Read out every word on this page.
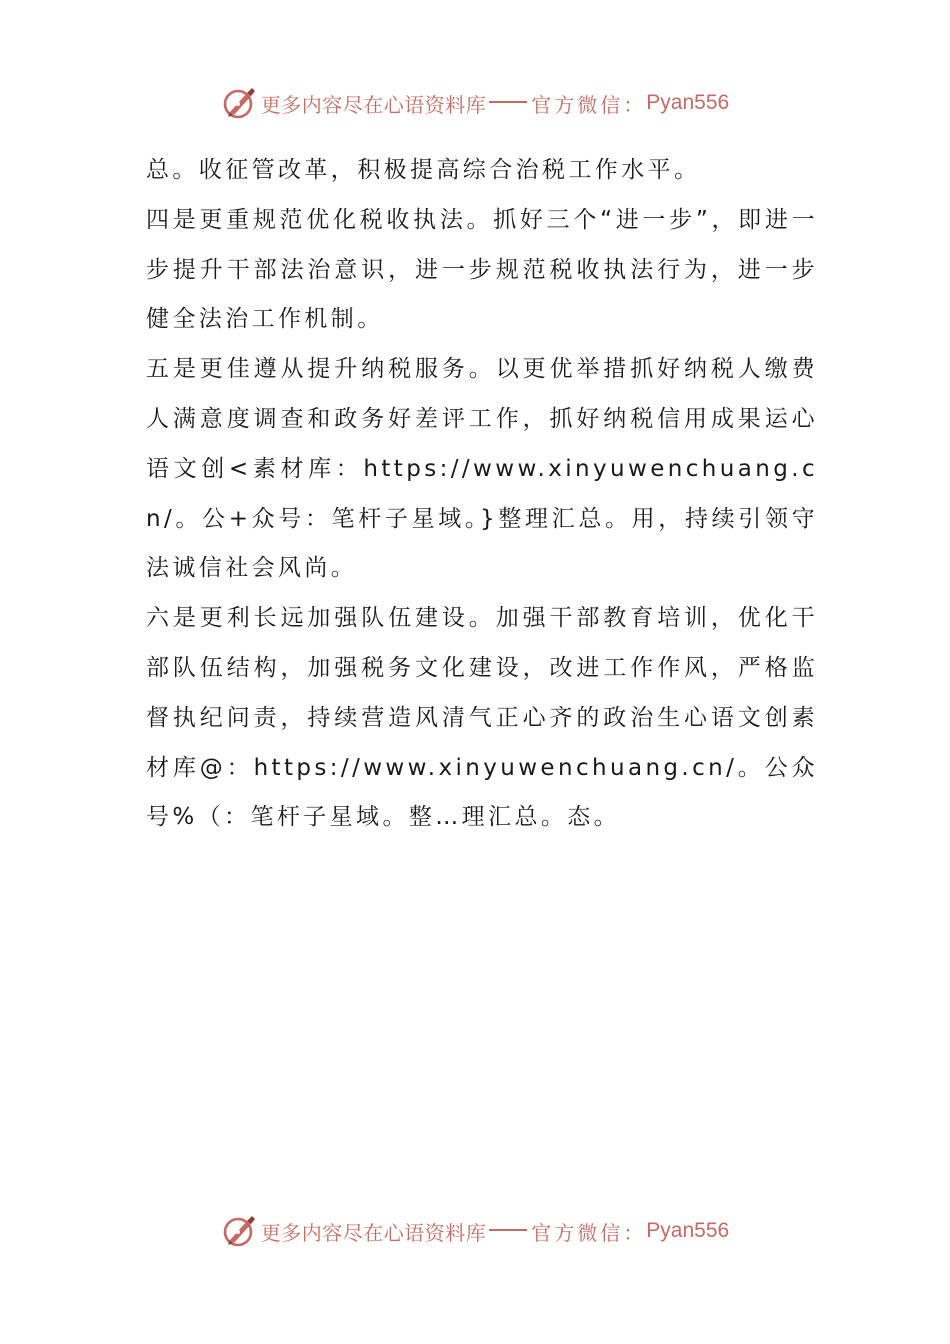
更多内容尽在心语资料库 官方微信： Pyan556

总。收征管改革，积极提高综合治税工作水平。

四是更重规范优化税收执法。抓好三个“进一步”，即进一步提升干部法治意识，进一步规范税收执法行为，进一步健全法治工作机制。

五是更佳遵从提升纳税服务。以更优举措抓好纳税人缴费人满意度调查和政务好差评工作，抓好纳税信用成果运心语文创<素材库：https://www.xinyuwenchuang.cn/。公+众号：笔杆子星域。}整理汇总。用，持续引领守法诚信社会风尚。

六是更利长远加强队伍建设。加强干部教育培训，优化干部队伍结构，加强税务文化建设，改进工作作风，严格监督执纪问责，持续营造风清气正心齐的政治生心语文创素材库@：https://www.xinyuwenchuang.cn/。公众号%（：笔杆子星域。整…理汇总。态。

更多内容尽在心语资料库 官方微信： Pyan556
